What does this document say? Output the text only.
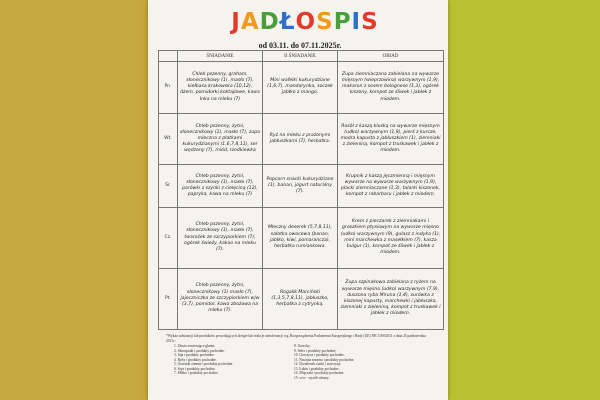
JADŁOSPIS
od 03.11. do 07.11.2025r.
	ŚNIADANIE	II ŚNIADANIE	OBIAD
Pn.	Chleb pszenny, graham, słonecznikowy (1), masło (7), kiełbasa krakowska (10,12), dżem, pomidorki koktajlowe, kawa Inka na mleku (7)	Mini wafelki kukurydziane (1,6,7), mandarynka, soczek jabłko z mango.	Zupa ziemniaczana zabielana na wywarze mięsnym (wieprzowina) warzywnym (1,9), makaron z sosem bolognese (1,3), ogórek kiszony, kompot ze śliwek i jabłek z miodem.
Wt.	Chleb pszenny, żytni, słonecznikowy (1), masło (7), zupa mleczna z płatkami kukurydzianymi (1,6,7,8,11), ser wędzony (7), miód, rzodkiewka	Ryż na mleku z prażonymi jabłuszkami (7), herbatka.	Rosół z kaszą kluską na wywarze mięsnym (udko) warzywnym (1,9), pierś z kurcze, modra kapusta z jabłuszkiem (1), ziemniaki z zieleniną, kompot z truskawek i jabłek z miodem.
Śr.	Chleb pszenny, żytni, słonecznikowy (1), masło (7), parówki z szynki z cielęciną (12), papryka, kawa na mleku (7)	Popcorn snacki kukurydziane (1), banan, jogurt naturalny (7).	Krupnik z kaszą jęczmienną i mięsnym wywarze na wywarze warzywnym (1,9), placki ziemniaczane (1,3), talarki kiszonek, kompot z rabarbaru i jabłek z miodem.
Cz.	Chleb pszenny, żytni, słonecznikowy (1), masło (7), twarożek ze szczypiorkiem (7), ogórek świeży, kakao na mleku (7).	Mleczny deserek (5,7,8,11), sałatka owocowa (banan, jabłko, kiwi, pomarańcza), herbatka rumiankowa.	Krem z pieczarek z ziemniakami i groszkiem ptysiowym na wywarze mięsno (udko) warzywnym (9), gulasz z indyka (1), mini marchewka z masełkiem (7), kasza bulgur (1), kompot ze śliwek i jabłek z miodem.
Pt.	Chleb pszenny, żytni, słonecznikowy (1) masło (7), jajeczniczka ze szczypiorkiem w/w (3,7), pomidor, kawa zbożowa na mleku (7).	Rogalik Marciński (1,3,5,7,8,11), jabłuszko, herbatka z cytrynką.	Zupa szpinakowa zabielana z ryżem na wywarze mięsno (udko) warzywnym (7,9), duszona ryba Miruna (1,4), surówka z kiszonej kapusty, marchewki i jabłuszka, ziemniaki z zieleniną, kompot z truskawek i jabłek z miodem.
*Wykaz substancji lub produktów powodujących alergie lub reakcje nietolerancji wg. Rozporządzenia Parlamentu Europejskiego i Rady (UE) NR 1169/2011 z dnia 25 października 2011r.:
1. Zboża zawierające gluten.
2. Skorupiaki i produkty pochodne.
3. Jaja i produkty pochodne.
4. Ryby i produkty pochodne.
5. Orzeszki ziemne i produkty pochodne.
6. Soja i produkty pochodne.
7. Mleko i produkty pochodne.
8. Orzechy.
9. Seler i produkty pochodne.
10. Gorczyca i produkty pochodne.
11. Nasiona sezamu i produkty pochodne.
12. Dwutlenek siarki i siarczyny.
13. Łubin i produkty pochodne.
14. Mięczaki i produkty pochodne.
15. w/w - wyrób własny.
